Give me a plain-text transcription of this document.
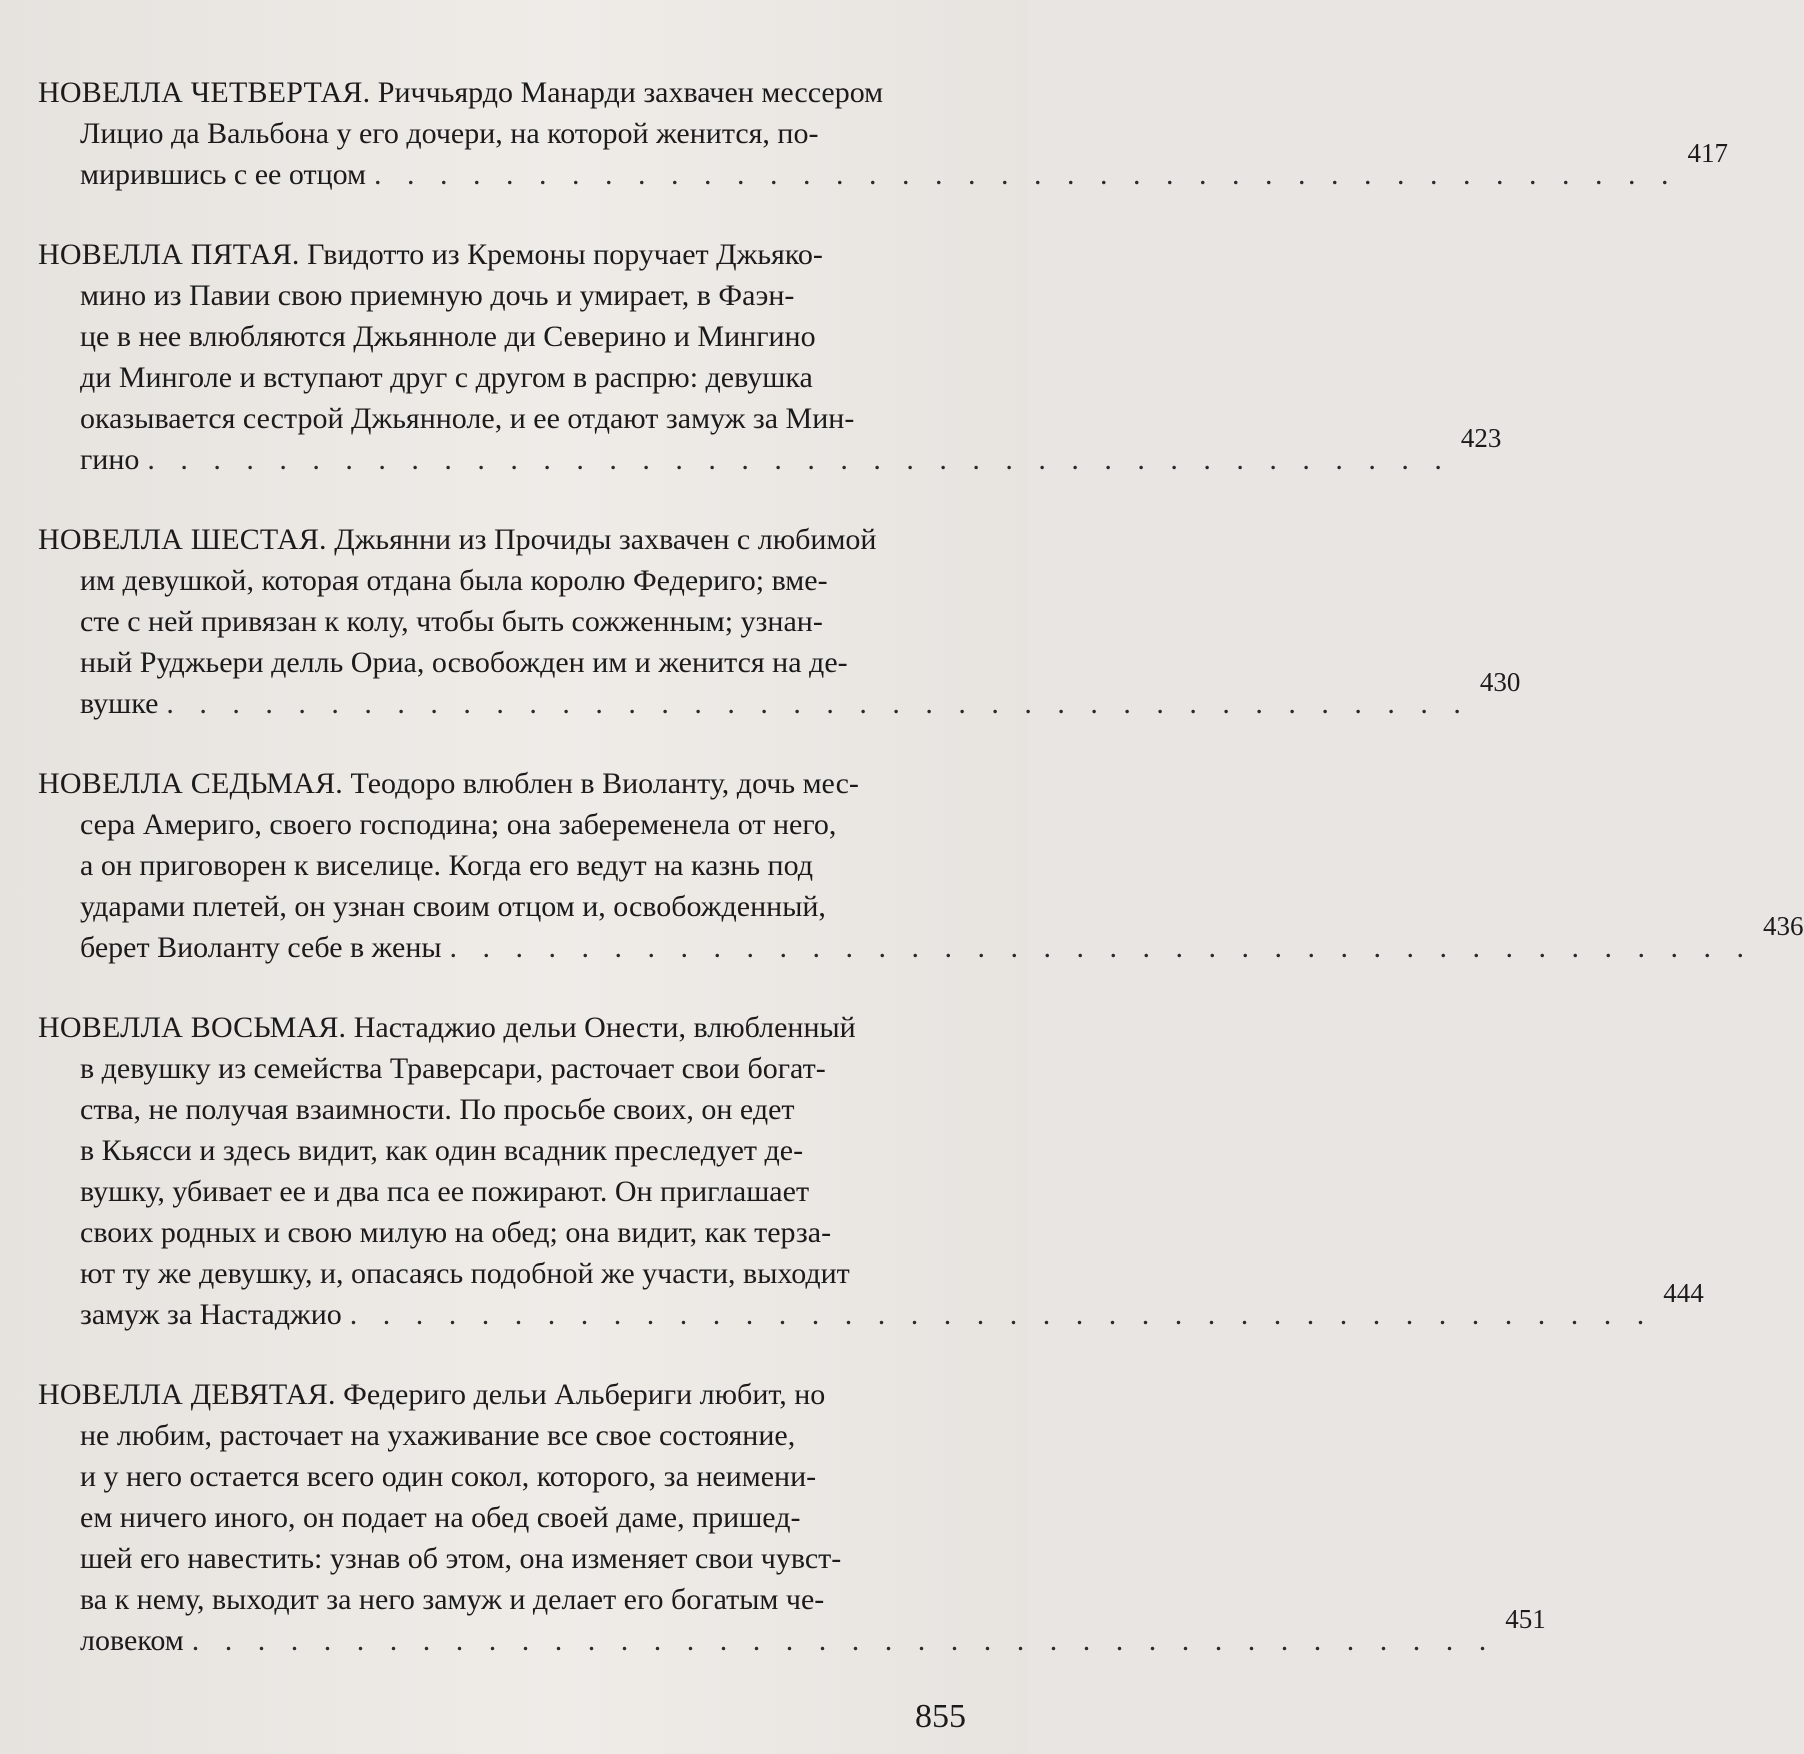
НОВЕЛЛА ЧЕТВЕРТАЯ. Риччьярдо Манарди захвачен мессером
Лицио да Вальбона у его дочери, на которой женится, по-
мирившись с ее отцом . . . . . . . . . . . . . . . . . . . . . . . . . . . . . . . . . . . . . . . .
417
НОВЕЛЛА ПЯТАЯ. Гвидотто из Кремоны поручает Джьяко-
мино из Павии свою приемную дочь и умирает, в Фаэн-
це в нее влюбляются Джьянноле ди Северино и Мингино
ди Минголе и вступают друг с другом в распрю: девушка
оказывается сестрой Джьянноле, и ее отдают замуж за Мин-
гино . . . . . . . . . . . . . . . . . . . . . . . . . . . . . . . . . . . . . . . .
423
НОВЕЛЛА ШЕСТАЯ. Джьянни из Прочиды захвачен с любимой
им девушкой, которая отдана была королю Федериго; вме-
сте с ней привязан к колу, чтобы быть сожженным; узнан-
ный Руджьери делль Ориа, освобожден им и женится на де-
вушке . . . . . . . . . . . . . . . . . . . . . . . . . . . . . . . . . . . . . . . .
430
НОВЕЛЛА СЕДЬМАЯ. Теодоро влюблен в Виоланту, дочь мес-
сера Америго, своего господина; она забеременела от него,
а он приговорен к виселице. Когда его ведут на казнь под
ударами плетей, он узнан своим отцом и, освобожденный,
берет Виоланту себе в жены . . . . . . . . . . . . . . . . . . . . . . . . . . . . . . . . . . . . . . . .
436
НОВЕЛЛА ВОСЬМАЯ. Настаджио дельи Онести, влюбленный
в девушку из семейства Траверсари, расточает свои богат-
ства, не получая взаимности. По просьбе своих, он едет
в Кьясси и здесь видит, как один всадник преследует де-
вушку, убивает ее и два пса ее пожирают. Он приглашает
своих родных и свою милую на обед; она видит, как терза-
ют ту же девушку, и, опасаясь подобной же участи, выходит
замуж за Настаджио . . . . . . . . . . . . . . . . . . . . . . . . . . . . . . . . . . . . . . . .
444
НОВЕЛЛА ДЕВЯТАЯ. Федериго дельи Альбериги любит, но
не любим, расточает на ухаживание все свое состояние,
и у него остается всего один сокол, которого, за неимени-
ем ничего иного, он подает на обед своей даме, пришед-
шей его навестить: узнав об этом, она изменяет свои чувст-
ва к нему, выходит за него замуж и делает его богатым че-
ловеком . . . . . . . . . . . . . . . . . . . . . . . . . . . . . . . . . . . . . . . .
451
855
